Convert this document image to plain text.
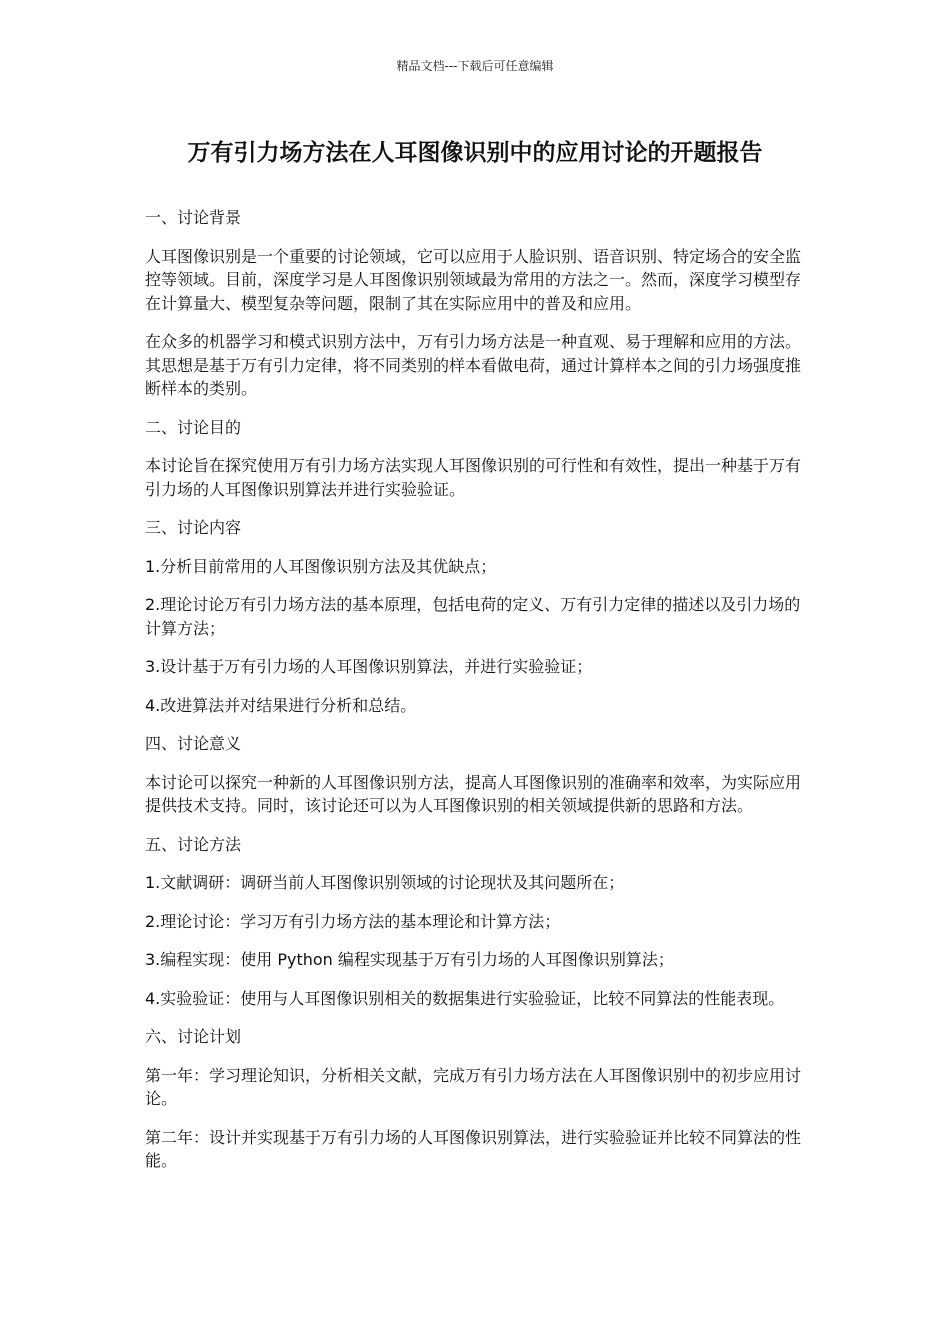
精品文档---下载后可任意编辑
万有引力场方法在人耳图像识别中的应用讨论的开题报告

一、讨论背景

人耳图像识别是一个重要的讨论领域，它可以应用于人脸识别、语音识别、特定场合的安全监控等领域。目前，深度学习是人耳图像识别领域最为常用的方法之一。然而，深度学习模型存在计算量大、模型复杂等问题，限制了其在实际应用中的普及和应用。

在众多的机器学习和模式识别方法中，万有引力场方法是一种直观、易于理解和应用的方法。其思想是基于万有引力定律，将不同类别的样本看做电荷，通过计算样本之间的引力场强度推断样本的类别。

二、讨论目的

本讨论旨在探究使用万有引力场方法实现人耳图像识别的可行性和有效性，提出一种基于万有引力场的人耳图像识别算法并进行实验验证。

三、讨论内容

1.分析目前常用的人耳图像识别方法及其优缺点；

2.理论讨论万有引力场方法的基本原理，包括电荷的定义、万有引力定律的描述以及引力场的计算方法；

3.设计基于万有引力场的人耳图像识别算法，并进行实验验证；

4.改进算法并对结果进行分析和总结。

四、讨论意义

本讨论可以探究一种新的人耳图像识别方法，提高人耳图像识别的准确率和效率，为实际应用提供技术支持。同时，该讨论还可以为人耳图像识别的相关领域提供新的思路和方法。

五、讨论方法

1.文献调研：调研当前人耳图像识别领域的讨论现状及其问题所在；

2.理论讨论：学习万有引力场方法的基本理论和计算方法；

3.编程实现：使用 Python 编程实现基于万有引力场的人耳图像识别算法；

4.实验验证：使用与人耳图像识别相关的数据集进行实验验证，比较不同算法的性能表现。

六、讨论计划

第一年：学习理论知识，分析相关文献，完成万有引力场方法在人耳图像识别中的初步应用讨论。

第二年：设计并实现基于万有引力场的人耳图像识别算法，进行实验验证并比较不同算法的性能。
